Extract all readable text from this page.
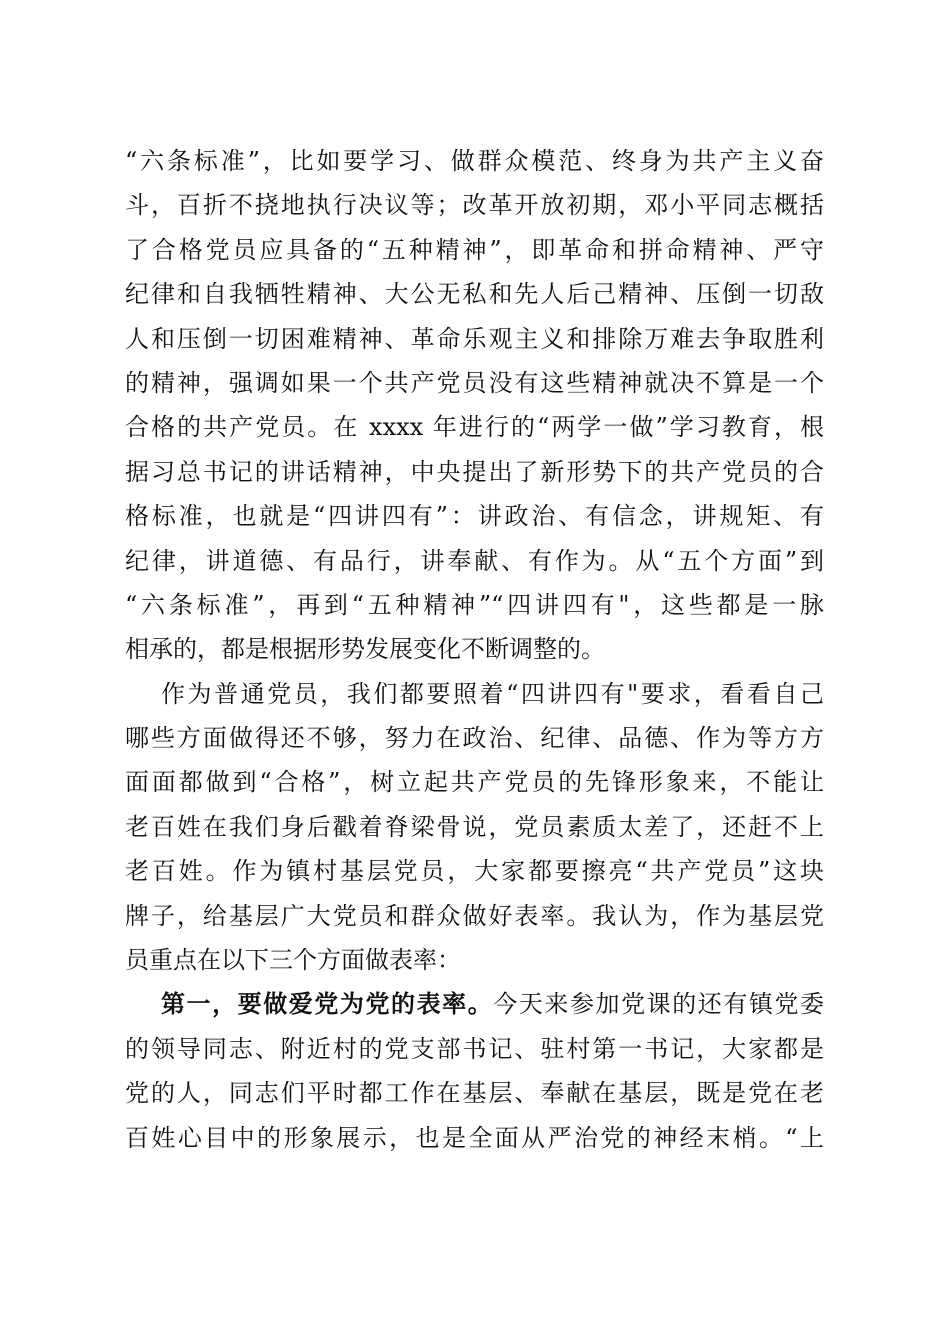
“六条标准”，比如要学习、做群众模范、终身为共产主义奋
斗，百折不挠地执行决议等；改革开放初期，邓小平同志概括
了合格党员应具备的“五种精神”，即革命和拼命精神、严守
纪律和自我牺牲精神、大公无私和先人后己精神、压倒一切敌
人和压倒一切困难精神、革命乐观主义和排除万难去争取胜利
的精神，强调如果一个共产党员没有这些精神就决不算是一个
合格的共产党员。在 xxxx 年进行的“两学一做”学习教育，根
据习总书记的讲话精神，中央提出了新形势下的共产党员的合
格标准，也就是“四讲四有”：讲政治、有信念，讲规矩、有
纪律，讲道德、有品行，讲奉献、有作为。从“五个方面”到
“六条标准”，再到“五种精神”“四讲四有"，这些都是一脉
相承的，都是根据形势发展变化不断调整的。
作为普通党员，我们都要照着“四讲四有"要求，看看自己
哪些方面做得还不够，努力在政治、纪律、品德、作为等方方
面面都做到“合格”，树立起共产党员的先锋形象来，不能让
老百姓在我们身后戳着脊梁骨说，党员素质太差了，还赶不上
老百姓。作为镇村基层党员，大家都要擦亮“共产党员”这块
牌子，给基层广大党员和群众做好表率。我认为，作为基层党
员重点在以下三个方面做表率：
第一，要做爱党为党的表率。今天来参加党课的还有镇党委
的领导同志、附近村的党支部书记、驻村第一书记，大家都是
党的人，同志们平时都工作在基层、奉献在基层，既是党在老
百姓心目中的形象展示，也是全面从严治党的神经末梢。“上
